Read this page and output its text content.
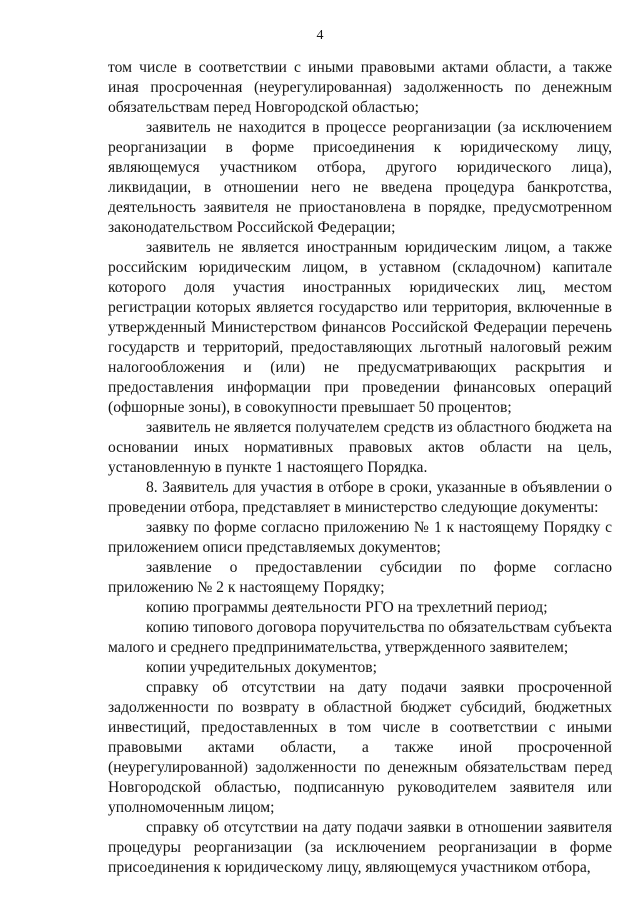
4

том числе в соответствии с иными правовыми актами области, а также иная просроченная (неурегулированная) задолженность по денежным обязательствам перед Новгородской областью;

заявитель не находится в процессе реорганизации (за исключением реорганизации в форме присоединения к юридическому лицу, являющемуся участником отбора, другого юридического лица), ликвидации, в отношении него не введена процедура банкротства, деятельность заявителя не приостановлена в порядке, предусмотренном законодательством Российской Федерации;

заявитель не является иностранным юридическим лицом, а также российским юридическим лицом, в уставном (складочном) капитале которого доля участия иностранных юридических лиц, местом регистрации которых является государство или территория, включенные в утвержденный Министерством финансов Российской Федерации перечень государств и территорий, предоставляющих льготный налоговый режим налогообложения и (или) не предусматривающих раскрытия и предоставления информации при проведении финансовых операций (офшорные зоны), в совокупности превышает 50 процентов;

заявитель не является получателем средств из областного бюджета на основании иных нормативных правовых актов области на цель, установленную в пункте 1 настоящего Порядка.

8. Заявитель для участия в отборе в сроки, указанные в объявлении о проведении отбора, представляет в министерство следующие документы:

заявку по форме согласно приложению № 1 к настоящему Порядку с приложением описи представляемых документов;

заявление о предоставлении субсидии по форме согласно приложению № 2 к настоящему Порядку;

копию программы деятельности РГО на трехлетний период;

копию типового договора поручительства по обязательствам субъекта малого и среднего предпринимательства, утвержденного заявителем;

копии учредительных документов;

справку об отсутствии на дату подачи заявки просроченной задолженности по возврату в областной бюджет субсидий, бюджетных инвестиций, предоставленных в том числе в соответствии с иными правовыми актами области, а также иной просроченной (неурегулированной) задолженности по денежным обязательствам перед Новгородской областью, подписанную руководителем заявителя или уполномоченным лицом;

справку об отсутствии на дату подачи заявки в отношении заявителя процедуры реорганизации (за исключением реорганизации в форме присоединения к юридическому лицу, являющемуся участником отбора,
